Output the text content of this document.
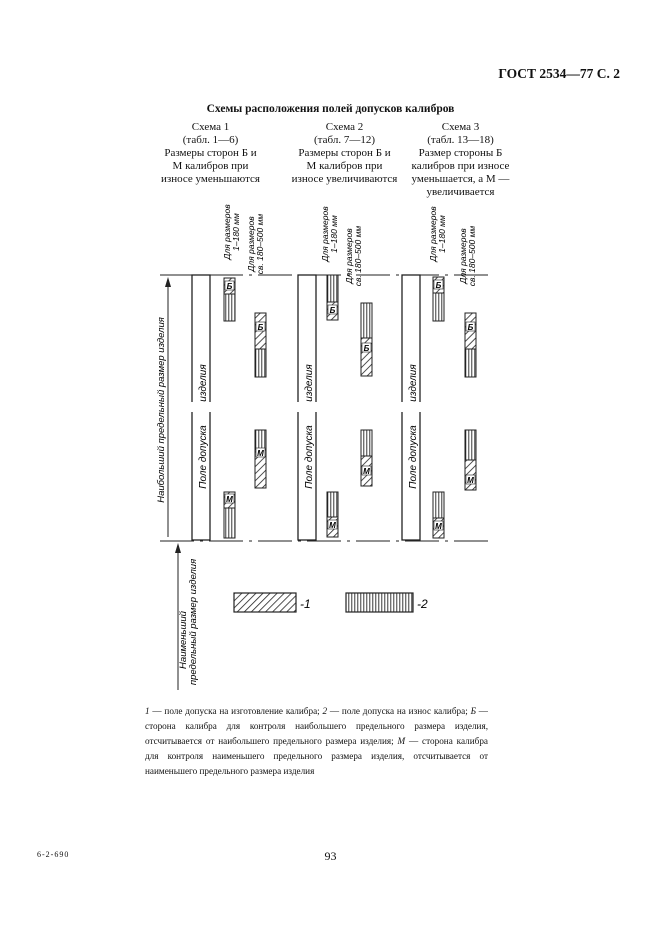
ГОСТ 2534—77 С. 2
Схемы расположения полей допусков калибров
Схема 1
(табл. 1—6)
Размеры сторон Б и
М калибров при
износе уменьшаются
Схема 2
(табл. 7—12)
Размеры сторон Б и
М калибров при
износе увеличиваются
Схема 3
(табл. 13—18)
Размер стороны Б
калибров при износе
уменьшается, а М —
увеличивается
Наибольший предельный размер изделия
Наименьший предельный размер изделия
изделия
Поле допуска
Для размеров 1–180 мм Для размеров св. 180–500 мм
изделия
Поле допуска
Для размеров 1–180 мм Для размеров св. 180–500 мм
изделия
Поле допуска
Для размеров 1–180 мм Для размеров св. 180–500 мм
Б
М
Б
М
Б
М
Б
М
Б
М
Б
М
-1	-2
1 — поле допуска на изготовление калибра; 2 — поле допуска на износ калибра; Б — сторона калибра для контроля наибольшего предельного размера изделия, отсчитывается от наибольшего предельного размера изделия; М — сторона калибра для контроля наименьшего предельного размера изделия, отсчитывается от наименьшего предельного размера изделия
93
6-2-690
